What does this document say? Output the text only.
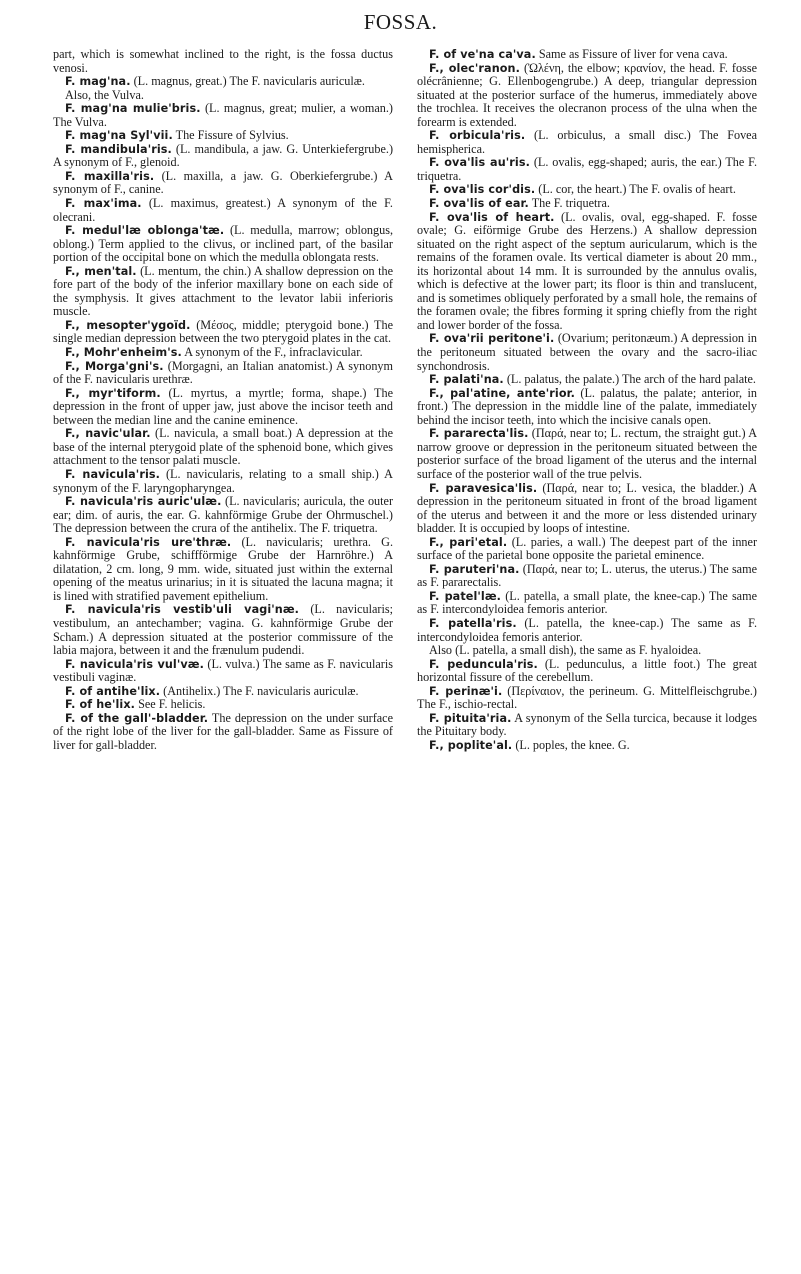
FOSSA.

part, which is somewhat inclined to the right, is the fossa ductus venosi.

F. mag'na. (L. magnus, great.) The F. navicularis auriculæ.

Also, the Vulva.

F. mag'na mulie'bris. (L. magnus, great; mulier, a woman.) The Vulva.

F. mag'na Syl'vii. The Fissure of Sylvius.

F. mandibula'ris. (L. mandibula, a jaw. G. Unterkiefergrube.) A synonym of F., glenoid.

F. maxilla'ris. (L. maxilla, a jaw. G. Oberkiefergrube.) A synonym of F., canine.

F. max'ima. (L. maximus, greatest.) A synonym of the F. olecrani.

F. medul'læ oblonga'tæ. (L. medulla, marrow; oblongus, oblong.) Term applied to the clivus, or inclined part, of the basilar portion of the occipital bone on which the medulla oblongata rests.

F., men'tal. (L. mentum, the chin.) A shallow depression on the fore part of the body of the inferior maxillary bone on each side of the symphysis. It gives attachment to the levator labii inferioris muscle.

F., mesopter'ygoïd. (Μέσος, middle; pterygoid bone.) The single median depression between the two pterygoid plates in the cat.

F., Mohr'enheim's. A synonym of the F., infraclavicular.

F., Morga'gni's. (Morgagni, an Italian anatomist.) A synonym of the F. navicularis urethræ.

F., myr'tiform. (L. myrtus, a myrtle; forma, shape.) The depression in the front of upper jaw, just above the incisor teeth and between the median line and the canine eminence.

F., navic'ular. (L. navicula, a small boat.) A depression at the base of the internal pterygoid plate of the sphenoid bone, which gives attachment to the tensor palati muscle.

F. navicula'ris. (L. navicularis, relating to a small ship.) A synonym of the F. laryngopharyngea.

F. navicula'ris auric'ulæ. (L. navicularis; auricula, the outer ear; dim. of auris, the ear. G. kahnförmige Grube der Ohrmuschel.) The depression between the crura of the antihelix. The F. triquetra.

F. navicula'ris ure'thræ. (L. navicularis; urethra. G. kahnförmige Grube, schiffförmige Grube der Harnröhre.) A dilatation, 2 cm. long, 9 mm. wide, situated just within the external opening of the meatus urinarius; in it is situated the lacuna magna; it is lined with stratified pavement epithelium.

F. navicula'ris vestib'uli vagi'næ. (L. navicularis; vestibulum, an antechamber; vagina. G. kahnförmige Grube der Scham.) A depression situated at the posterior commissure of the labia majora, between it and the frænulum pudendi.

F. navicula'ris vul'væ. (L. vulva.) The same as F. navicularis vestibuli vaginæ.

F. of antihe'lix. (Antihelix.) The F. navicularis auriculæ.

F. of he'lix. See F. helicis.

F. of the gall'-bladder. The depression on the under surface of the right lobe of the liver for the gall-bladder. Same as Fissure of liver for gall-bladder.

F. of ve'na ca'va. Same as Fissure of liver for vena cava.

F., olec'ranon. (Ὠλένη, the elbow; κρανίον, the head. F. fosse olécrânienne; G. Ellenbogengrube.) A deep, triangular depression situated at the posterior surface of the humerus, immediately above the trochlea. It receives the olecranon process of the ulna when the forearm is extended.

F. orbicula'ris. (L. orbiculus, a small disc.) The Fovea hemispherica.

F. ova'lis au'ris. (L. ovalis, egg-shaped; auris, the ear.) The F. triquetra.

F. ova'lis cor'dis. (L. cor, the heart.) The F. ovalis of heart.

F. ova'lis of ear. The F. triquetra.

F. ova'lis of heart. (L. ovalis, oval, egg-shaped. F. fosse ovale; G. eiförmige Grube des Herzens.) A shallow depression situated on the right aspect of the septum auricularum, which is the remains of the foramen ovale. Its vertical diameter is about 20 mm., its horizontal about 14 mm. It is surrounded by the annulus ovalis, which is defective at the lower part; its floor is thin and translucent, and is sometimes obliquely perforated by a small hole, the remains of the foramen ovale; the fibres forming it spring chiefly from the right and lower border of the fossa.

F. ova'rii peritone'i. (Ovarium; peritonæum.) A depression in the peritoneum situated between the ovary and the sacro-iliac synchondrosis.

F. palati'na. (L. palatus, the palate.) The arch of the hard palate.

F., pal'atine, ante'rior. (L. palatus, the palate; anterior, in front.) The depression in the middle line of the palate, immediately behind the incisor teeth, into which the incisive canals open.

F. pararecta'lis. (Παρά, near to; L. rectum, the straight gut.) A narrow groove or depression in the peritoneum situated between the posterior surface of the broad ligament of the uterus and the internal surface of the posterior wall of the true pelvis.

F. paravesica'lis. (Παρά, near to; L. vesica, the bladder.) A depression in the peritoneum situated in front of the broad ligament of the uterus and between it and the more or less distended urinary bladder. It is occupied by loops of intestine.

F., pari'etal. (L. paries, a wall.) The deepest part of the inner surface of the parietal bone opposite the parietal eminence.

F. paruteri'na. (Παρά, near to; L. uterus, the uterus.) The same as F. pararectalis.

F. patel'læ. (L. patella, a small plate, the knee-cap.) The same as F. intercondyloidea femoris anterior.

F. patella'ris. (L. patella, the knee-cap.) The same as F. intercondyloidea femoris anterior.

Also (L. patella, a small dish), the same as F. hyaloidea.

F. peduncula'ris. (L. pedunculus, a little foot.) The great horizontal fissure of the cerebellum.

F. perinæ'i. (Περίναιον, the perineum. G. Mittelfleischgrube.) The F., ischio-rectal.

F. pituita'ria. A synonym of the Sella turcica, because it lodges the Pituitary body.

F., poplite'al. (L. poples, the knee. G.
